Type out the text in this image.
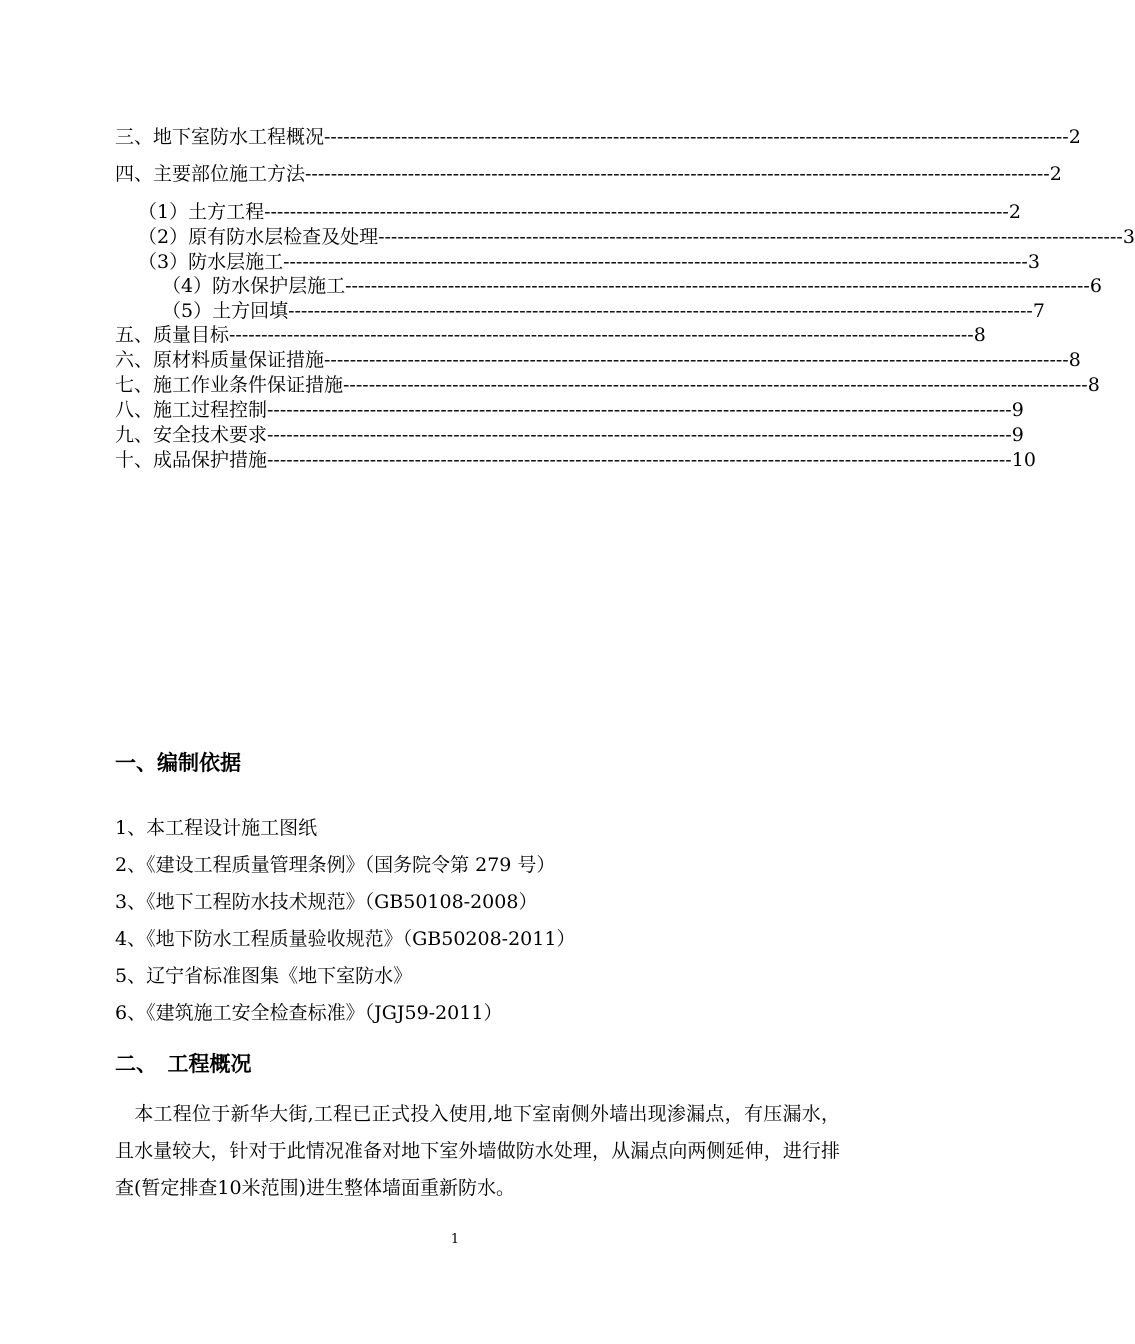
三、地下室防水工程概况 -------------------------------------------------------------------------------------------------------------------- 2
四、主要部位施工方法 -------------------------------------------------------------------------------------------------------------------- 2
（1）土方工程 -------------------------------------------------------------------------------------------------------------------- 2
（2）原有防水层检查及处理 -------------------------------------------------------------------------------------------------------------------- 3
（3）防水层施工 -------------------------------------------------------------------------------------------------------------------- 3
（4）防水保护层施工 -------------------------------------------------------------------------------------------------------------------- 6
（5）土方回填 -------------------------------------------------------------------------------------------------------------------- 7
五、质量目标 -------------------------------------------------------------------------------------------------------------------- 8
六、原材料质量保证措施 -------------------------------------------------------------------------------------------------------------------- 8
七、施工作业条件保证措施 -------------------------------------------------------------------------------------------------------------------- 8
八、施工过程控制 -------------------------------------------------------------------------------------------------------------------- 9
九、安全技术要求 -------------------------------------------------------------------------------------------------------------------- 9
十、成品保护措施 -------------------------------------------------------------------------------------------------------------------- 10
一、编制依据
1、本工程设计施工图纸
2、《建设工程质量管理条例》（国务院令第 279 号）
3、《地下工程防水技术规范》（GB50108-2008）
4、《地下防水工程质量验收规范》（GB50208-2011）
5、辽宁省标准图集《地下室防水》
6、《建筑施工安全检查标准》（JGJ59-2011）
二、　工程概况
本工程位于新华大街,工程已正式投入使用,地下室南侧外墙出现渗漏点，有压漏水，且水量较大，针对于此情况准备对地下室外墙做防水处理，从漏点向两侧延伸，进行排查(暂定排查10米范围)进生整体墙面重新防水。
1
